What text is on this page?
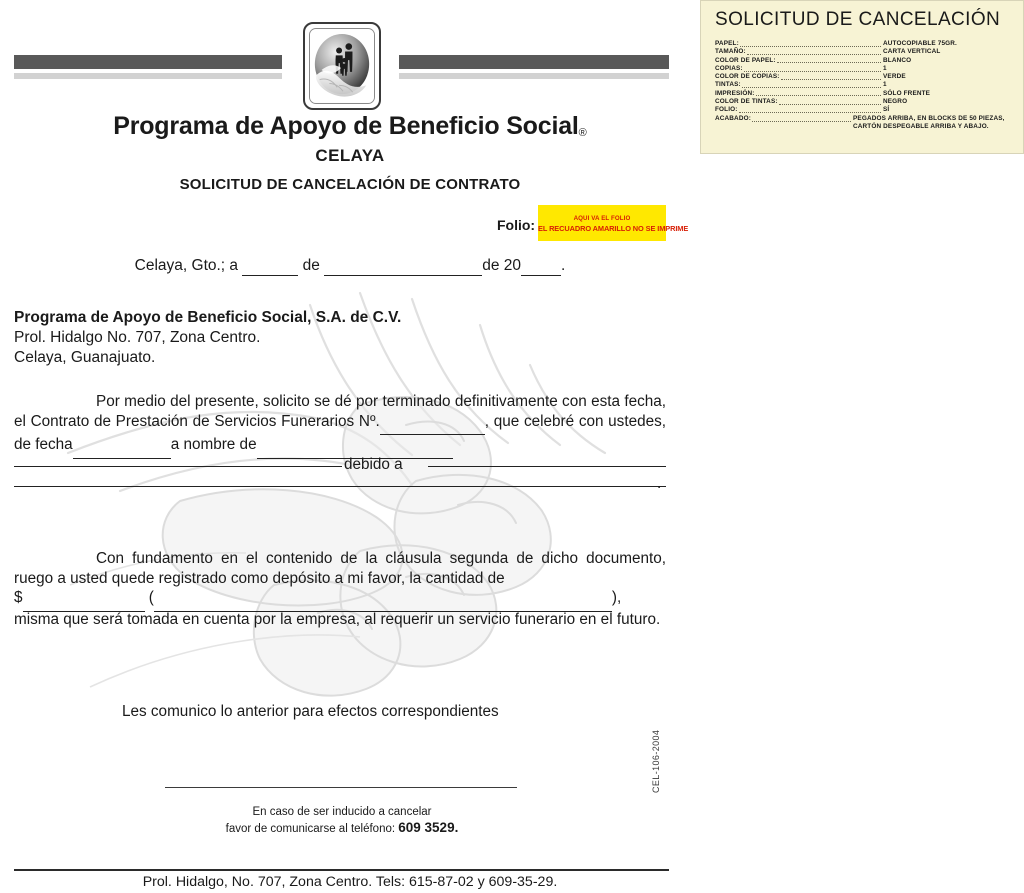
SOLICITUD DE CANCELACIÓN
PAPEL:	AUTOCOPIABLE 75GR.
TAMAÑO:	CARTA VERTICAL
COLOR DE PAPEL:	BLANCO
COPIAS:	1
COLOR DE COPIAS:	VERDE
TINTAS:	1
IMPRESIÓN:	SÓLO FRENTE
COLOR DE TINTAS:	NEGRO
FOLIO:	SÍ
ACABADO:	PEGADOS ARRIBA, EN BLOCKS DE 50 PIEZAS, CARTÓN DESPEGABLE ARRIBA Y ABAJO.
Programa de Apoyo de Beneficio Social®
CELAYA
SOLICITUD DE CANCELACIÓN DE CONTRATO
Folio:	AQUI VA EL FOLIO
EL RECUADRO AMARILLO NO SE IMPRIME
Celaya, Gto.; a	de	de 20	.
Programa de Apoyo de Beneficio Social, S.A. de C.V.
Prol. Hidalgo No. 707, Zona Centro.
Celaya, Guanajuato.
Por medio del presente, solicito se dé por terminado definitivamente con esta fecha, el Contrato de Prestación de Servicios Funerarios Nº.	, que celebré con ustedes, de fecha	a nombre de
debido a
.
Con fundamento en el contenido de la cláusula segunda de dicho documento, ruego a usted quede registrado como depósito a mi favor, la cantidad de
$	(	),
misma que será tomada en cuenta por la empresa, al requerir un servicio funerario en el futuro.
Les comunico lo anterior para efectos correspondientes
En caso de ser inducido a cancelar
favor de comunicarse al teléfono: 609 3529.
CEL-106-2004
Prol. Hidalgo, No. 707, Zona Centro. Tels: 615-87-02 y 609-35-29.
